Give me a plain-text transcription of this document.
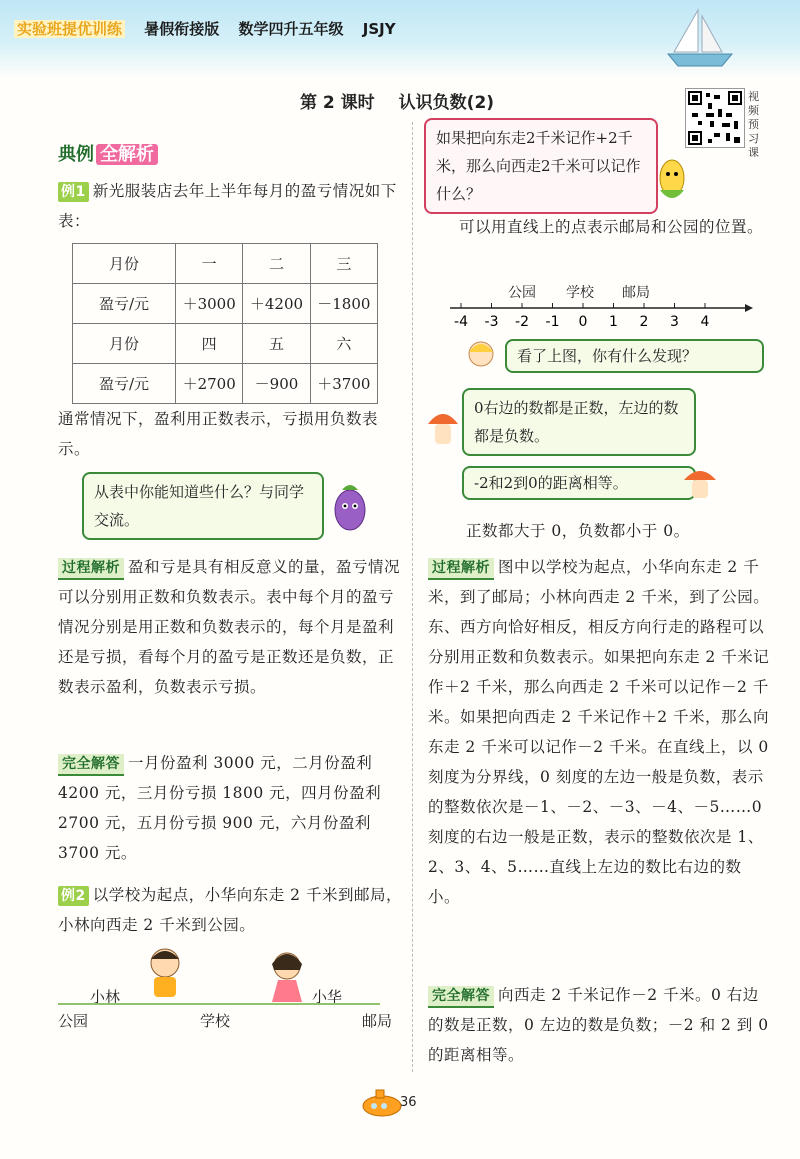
实验班提优训练 暑假衔接版 数学四升五年级 JSJY
第 2 课时 认识负数(2)	视频预习课
典例 全解析
例1 新光服装店去年上半年每月的盈亏情况如下表：
月份	一	二	三
盈亏/元	＋3000	＋4200	－1800
月份	四	五	六
盈亏/元	＋2700	－900	＋3700
通常情况下，盈利用正数表示，亏损用负数表示。
从表中你能知道些什么？与同学交流。
过程解析 盈和亏是具有相反意义的量，盈亏情况可以分别用正数和负数表示。表中每个月的盈亏情况分别是用正数和负数表示的，每个月是盈利还是亏损，看每个月的盈亏是正数还是负数，正数表示盈利，负数表示亏损。
完全解答 一月份盈利 3000 元，二月份盈利 4200 元，三月份亏损 1800 元，四月份盈利 2700 元，五月份亏损 900 元，六月份盈利 3700 元。
例2 以学校为起点，小华向东走 2 千米到邮局，小林向西走 2 千米到公园。
小林	小华
公园	学校	邮局
如果把向东走2千米记作+2千米，那么向西走2千米可以记作什么？
可以用直线上的点表示邮局和公园的位置。
公园 学校 邮局
-4 -3 -2 -1 0 1 2 3 4
看了上图，你有什么发现？
0右边的数都是正数，左边的数都是负数。
-2和2到0的距离相等。
正数都大于 0，负数都小于 0。
过程解析 图中以学校为起点，小华向东走 2 千米，到了邮局；小林向西走 2 千米，到了公园。东、西方向恰好相反，相反方向行走的路程可以分别用正数和负数表示。如果把向东走 2 千米记作＋2 千米，那么向西走 2 千米可以记作－2 千米。如果把向西走 2 千米记作＋2 千米，那么向东走 2 千米可以记作－2 千米。在直线上，以 0 刻度为分界线，0 刻度的左边一般是负数，表示的整数依次是－1、－2、－3、－4、－5……0 刻度的右边一般是正数，表示的整数依次是 1、2、3、4、5……直线上左边的数比右边的数小。
完全解答 向西走 2 千米记作－2 千米。0 右边的数是正数，0 左边的数是负数；－2 和 2 到 0 的距离相等。
36
